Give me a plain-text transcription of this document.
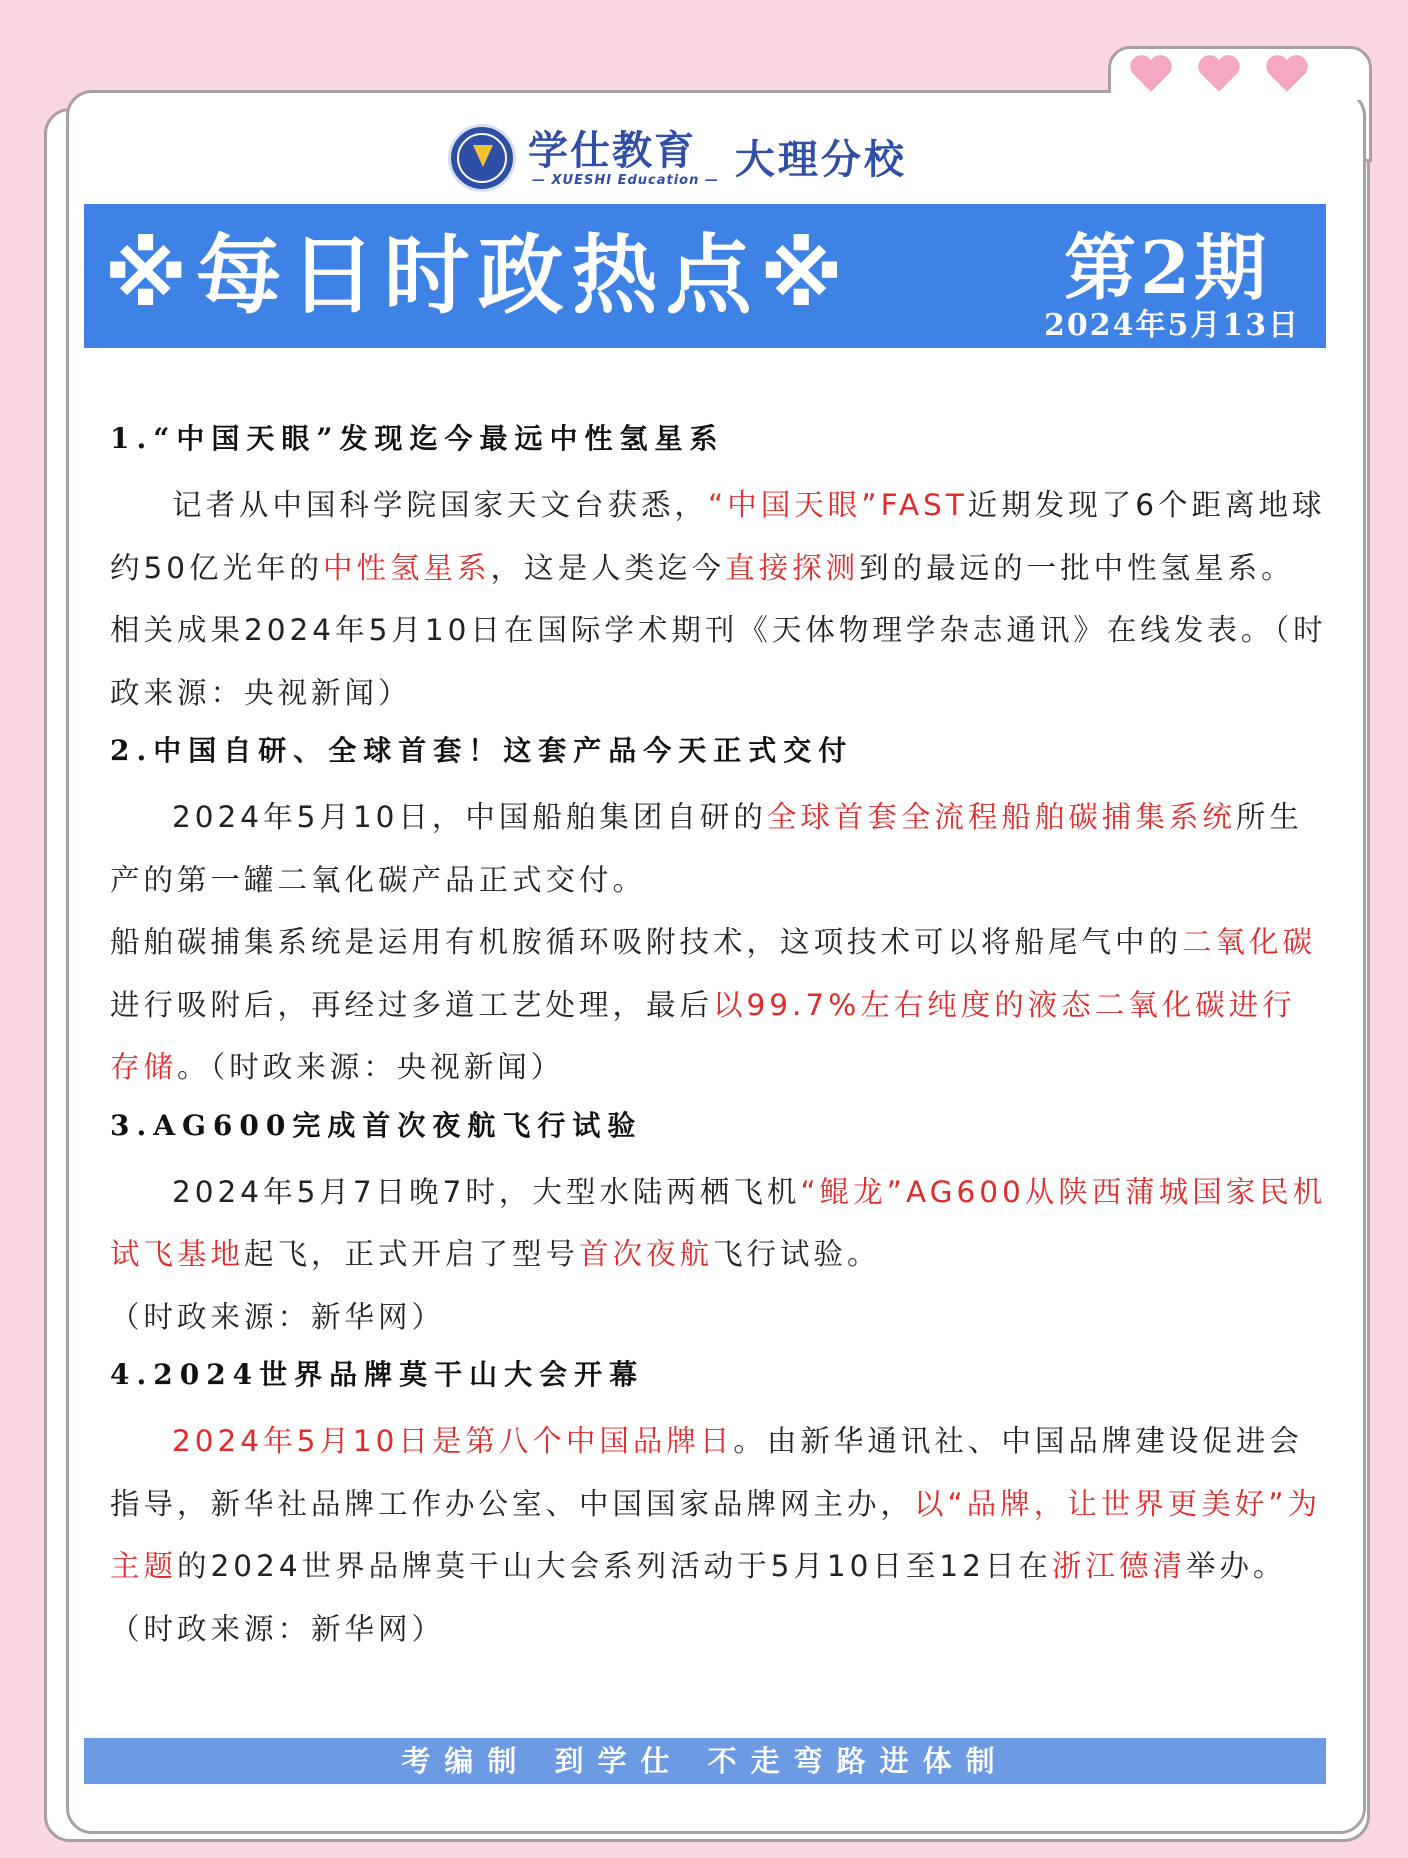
学仕教育
— XUESHI Education — 大理分校
※每日时政热点※	第2期
2024年5月13日
1.“中国天眼”发现迄今最远中性氢星系

记者从中国科学院国家天文台获悉，“中国天眼”FAST近期发现了6个距离地球约50亿光年的中性氢星系，这是人类迄今直接探测到的最远的一批中性氢星系。相关成果2024年5月10日在国际学术期刊《天体物理学杂志通讯》在线发表。（时政来源：央视新闻）

2.中国自研、全球首套！这套产品今天正式交付

2024年5月10日，中国船舶集团自研的全球首套全流程船舶碳捕集系统所生产的第一罐二氧化碳产品正式交付。

船舶碳捕集系统是运用有机胺循环吸附技术，这项技术可以将船尾气中的二氧化碳进行吸附后，再经过多道工艺处理，最后以99.7%左右纯度的液态二氧化碳进行存储。（时政来源：央视新闻）

3.AG600完成首次夜航飞行试验

2024年5月7日晚7时，大型水陆两栖飞机“鲲龙”AG600从陕西蒲城国家民机试飞基地起飞，正式开启了型号首次夜航飞行试验。

（时政来源：新华网）

4.2024世界品牌莫干山大会开幕

2024年5月10日是第八个中国品牌日。由新华通讯社、中国品牌建设促进会指导，新华社品牌工作办公室、中国国家品牌网主办，以“品牌，让世界更美好”为主题的2024世界品牌莫干山大会系列活动于5月10日至12日在浙江德清举办。（时政来源：新华网）

考编制 到学仕 不走弯路进体制
